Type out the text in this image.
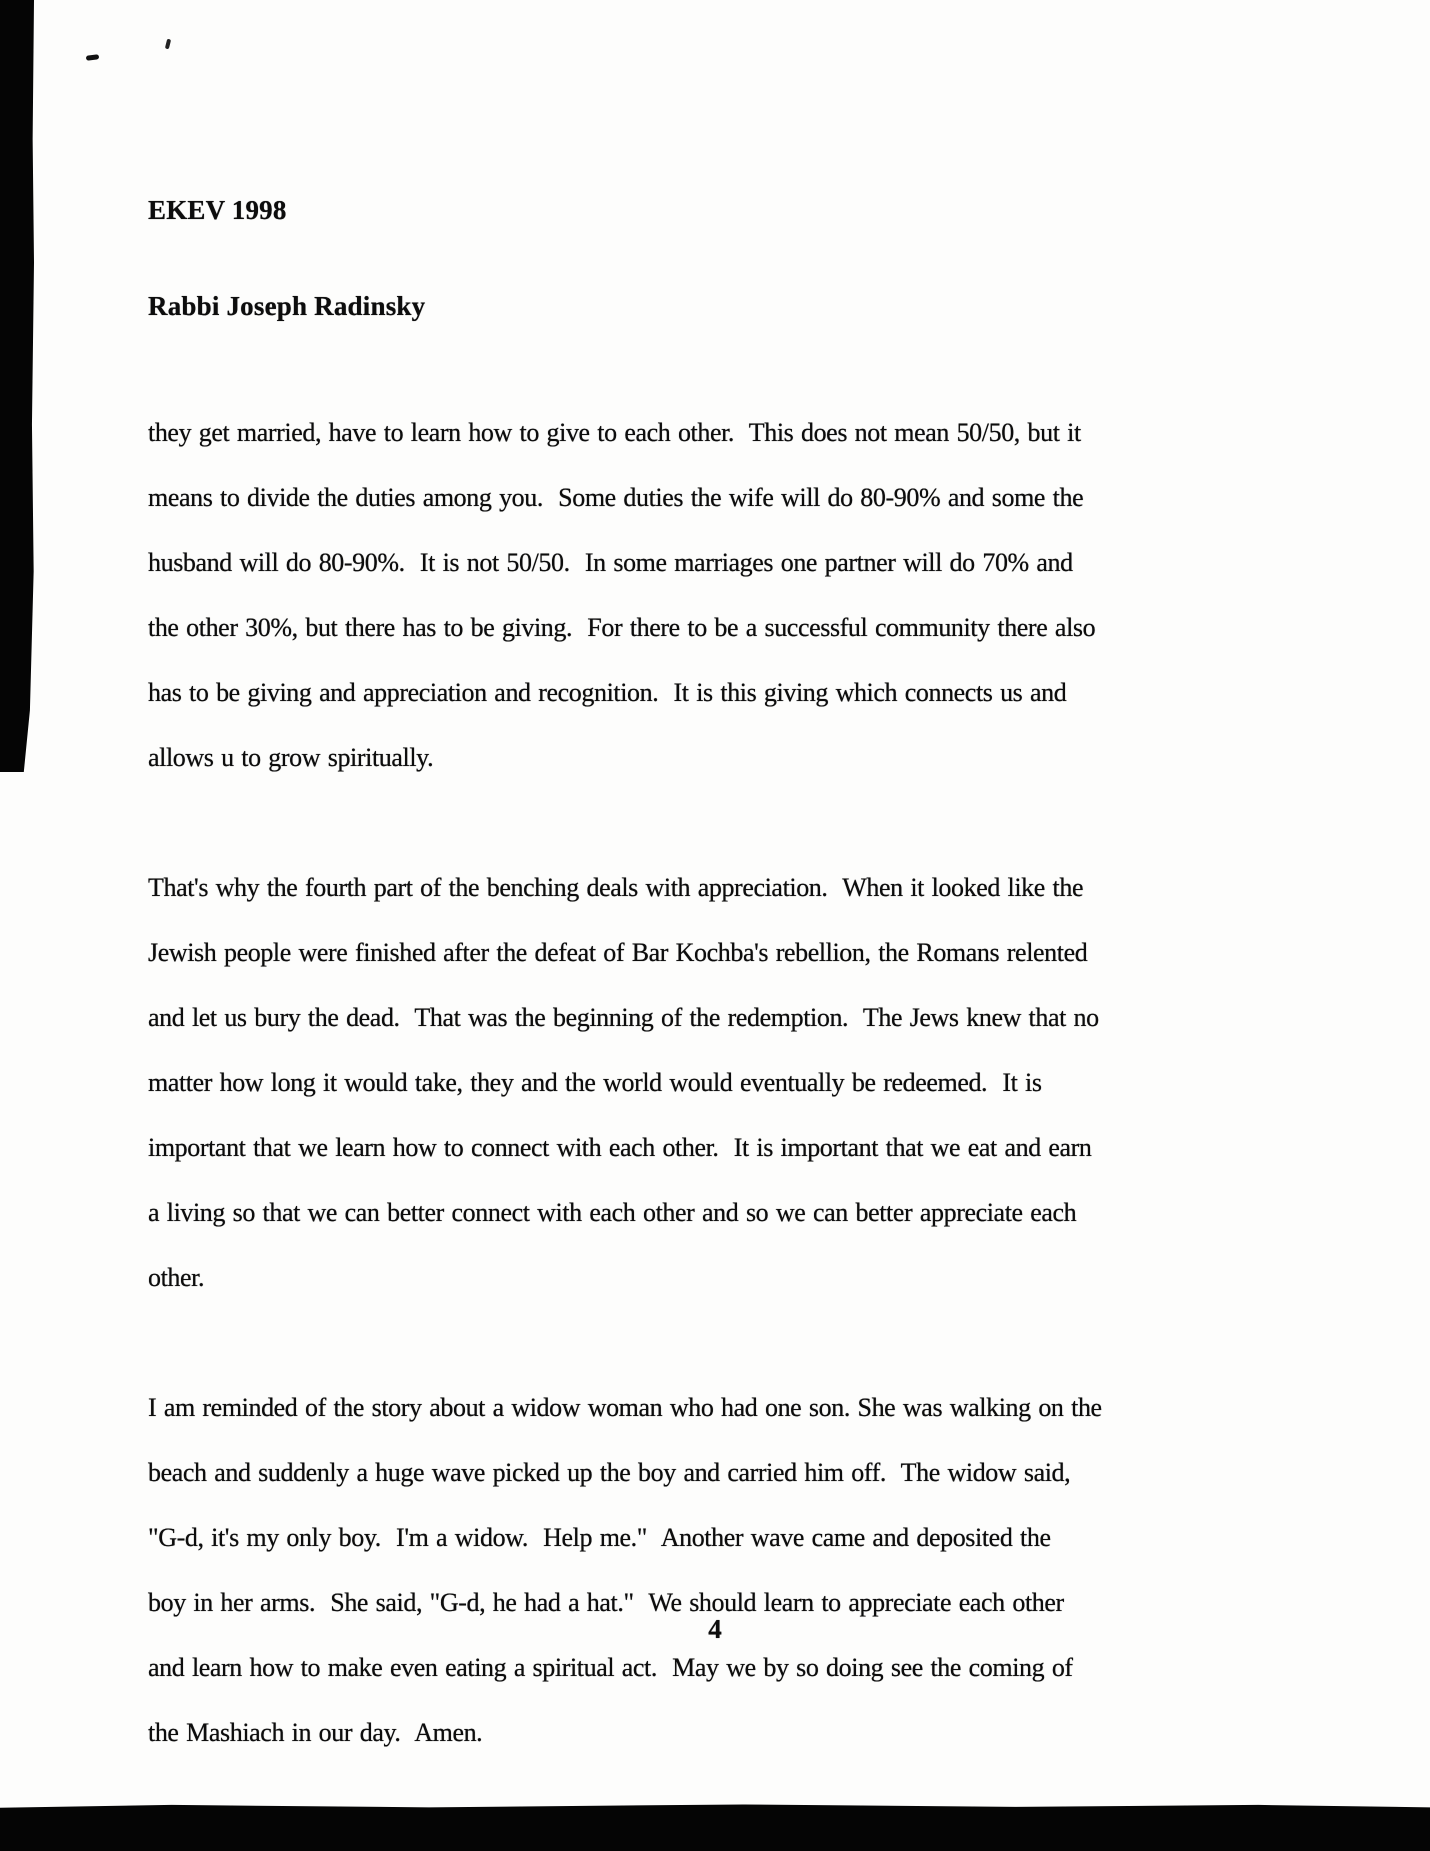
EKEV 1998

Rabbi Joseph Radinsky

they get married, have to learn how to give to each other.  This does not mean 50/50, but it
means to divide the duties among you.  Some duties the wife will do 80-90% and some the
husband will do 80-90%.  It is not 50/50.  In some marriages one partner will do 70% and
the other 30%, but there has to be giving.  For there to be a successful community there also
has to be giving and appreciation and recognition.  It is this giving which connects us and
allows u to grow spiritually.
That's why the fourth part of the benching deals with appreciation.  When it looked like the
Jewish people were finished after the defeat of Bar Kochba's rebellion, the Romans relented
and let us bury the dead.  That was the beginning of the redemption.  The Jews knew that no
matter how long it would take, they and the world would eventually be redeemed.  It is
important that we learn how to connect with each other.  It is important that we eat and earn
a living so that we can better connect with each other and so we can better appreciate each
other.
I am reminded of the story about a widow woman who had one son. She was walking on the
beach and suddenly a huge wave picked up the boy and carried him off.  The widow said,
"G-d, it's my only boy.  I'm a widow.  Help me."  Another wave came and deposited the
boy in her arms.  She said, "G-d, he had a hat."  We should learn to appreciate each other
and learn how to make even eating a spiritual act.  May we by so doing see the coming of
the Mashiach in our day.  Amen.
4
